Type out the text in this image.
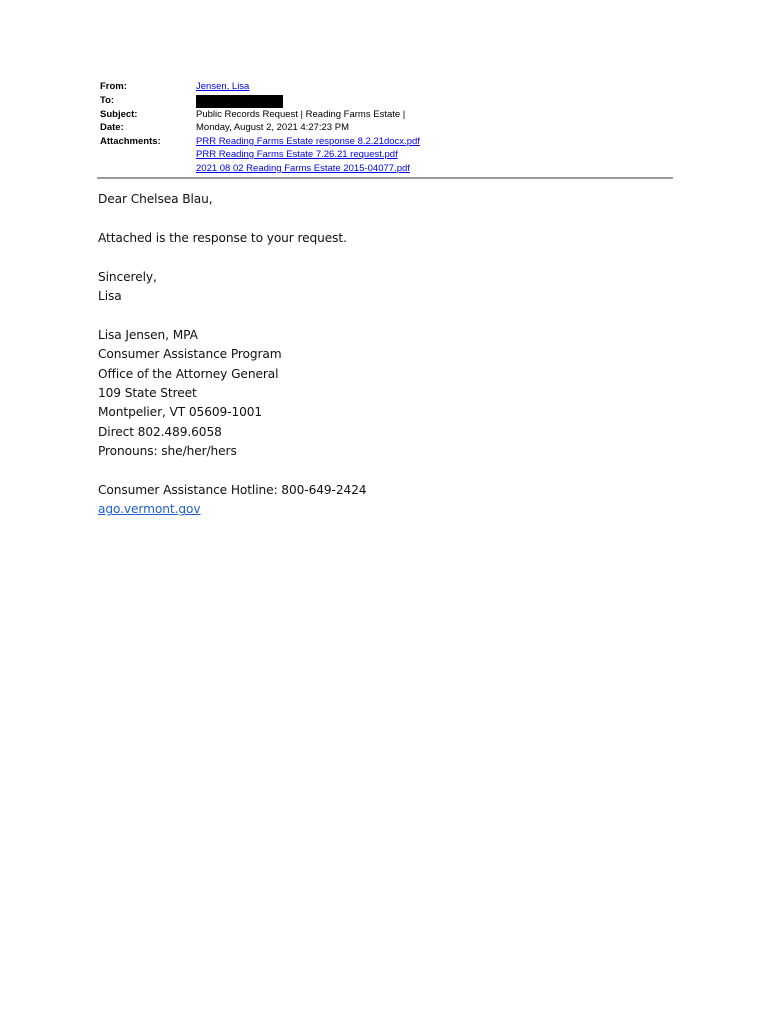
From:	Jensen, Lisa
To:
Subject:	Public Records Request | Reading Farms Estate |
Date:	Monday, August 2, 2021 4:27:23 PM
Attachments:	PRR Reading Farms Estate response 8.2.21docx.pdf
PRR Reading Farms Estate 7.26.21 request.pdf
2021 08 02 Reading Farms Estate 2015-04077.pdf

Dear Chelsea Blau,

Attached is the response to your request.

Sincerely,

Lisa

Lisa Jensen, MPA

Consumer Assistance Program

Office of the Attorney General

109 State Street

Montpelier, VT 05609-1001

Direct 802.489.6058

Pronouns: she/her/hers

Consumer Assistance Hotline: 800-649-2424

ago.vermont.gov
